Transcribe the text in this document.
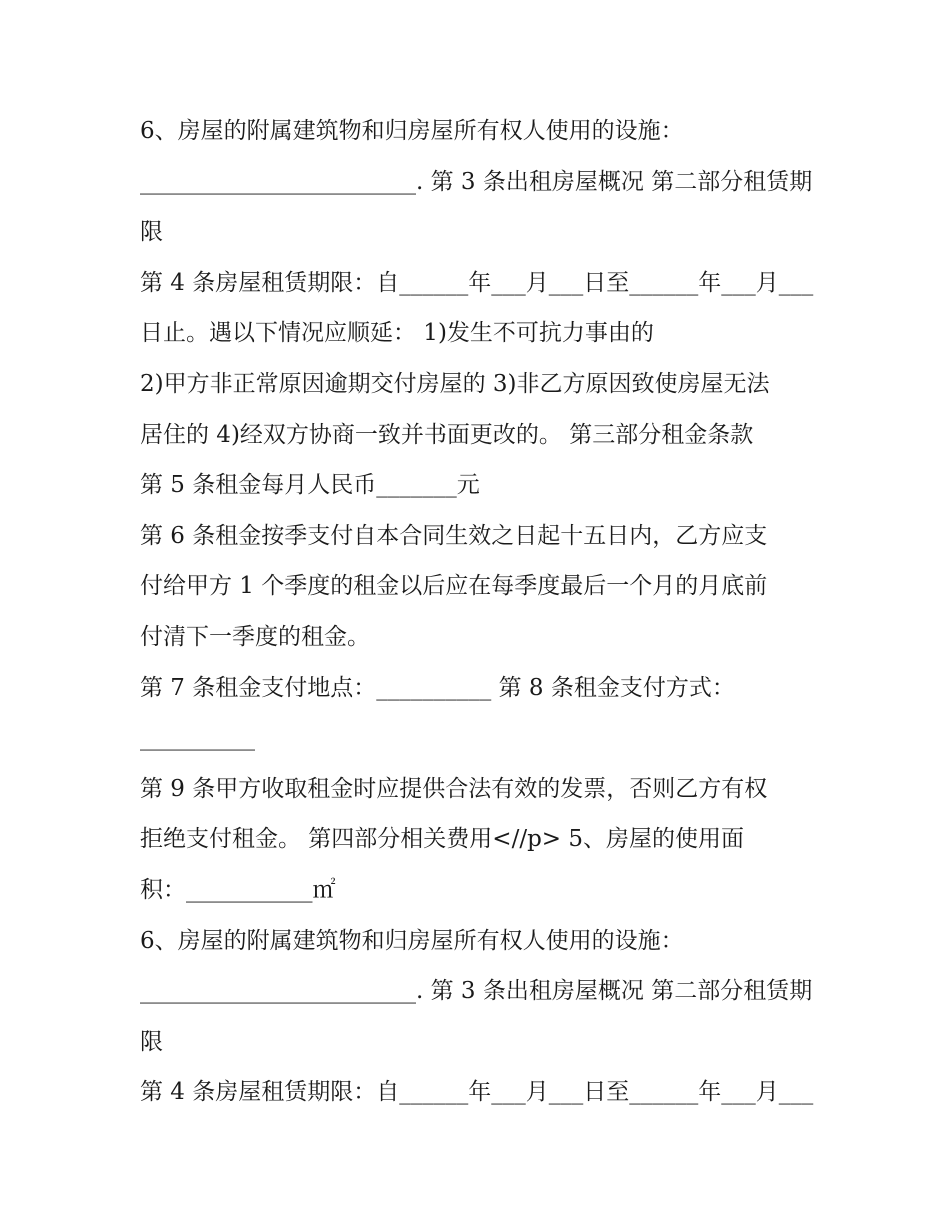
6、房屋的附属建筑物和归房屋所有权人使用的设施：
________________________. 第 3 条出租房屋概况 第二部分租赁期
限
第 4 条房屋租赁期限：自______年___月___日至______年___月___
日止。遇以下情况应顺延： 1)发生不可抗力事由的
2)甲方非正常原因逾期交付房屋的 3)非乙方原因致使房屋无法
居住的 4)经双方协商一致并书面更改的。 第三部分租金条款
第 5 条租金每月人民币_______元
第 6 条租金按季支付自本合同生效之日起十五日内，乙方应支
付给甲方 1 个季度的租金以后应在每季度最后一个月的月底前
付清下一季度的租金。
第 7 条租金支付地点：__________ 第 8 条租金支付方式：
__________
第 9 条甲方收取租金时应提供合法有效的发票，否则乙方有权
拒绝支付租金。 第四部分相关费用<//p> 5、房屋的使用面
积：___________㎡
6、房屋的附属建筑物和归房屋所有权人使用的设施：
________________________. 第 3 条出租房屋概况 第二部分租赁期
限
第 4 条房屋租赁期限：自______年___月___日至______年___月___
